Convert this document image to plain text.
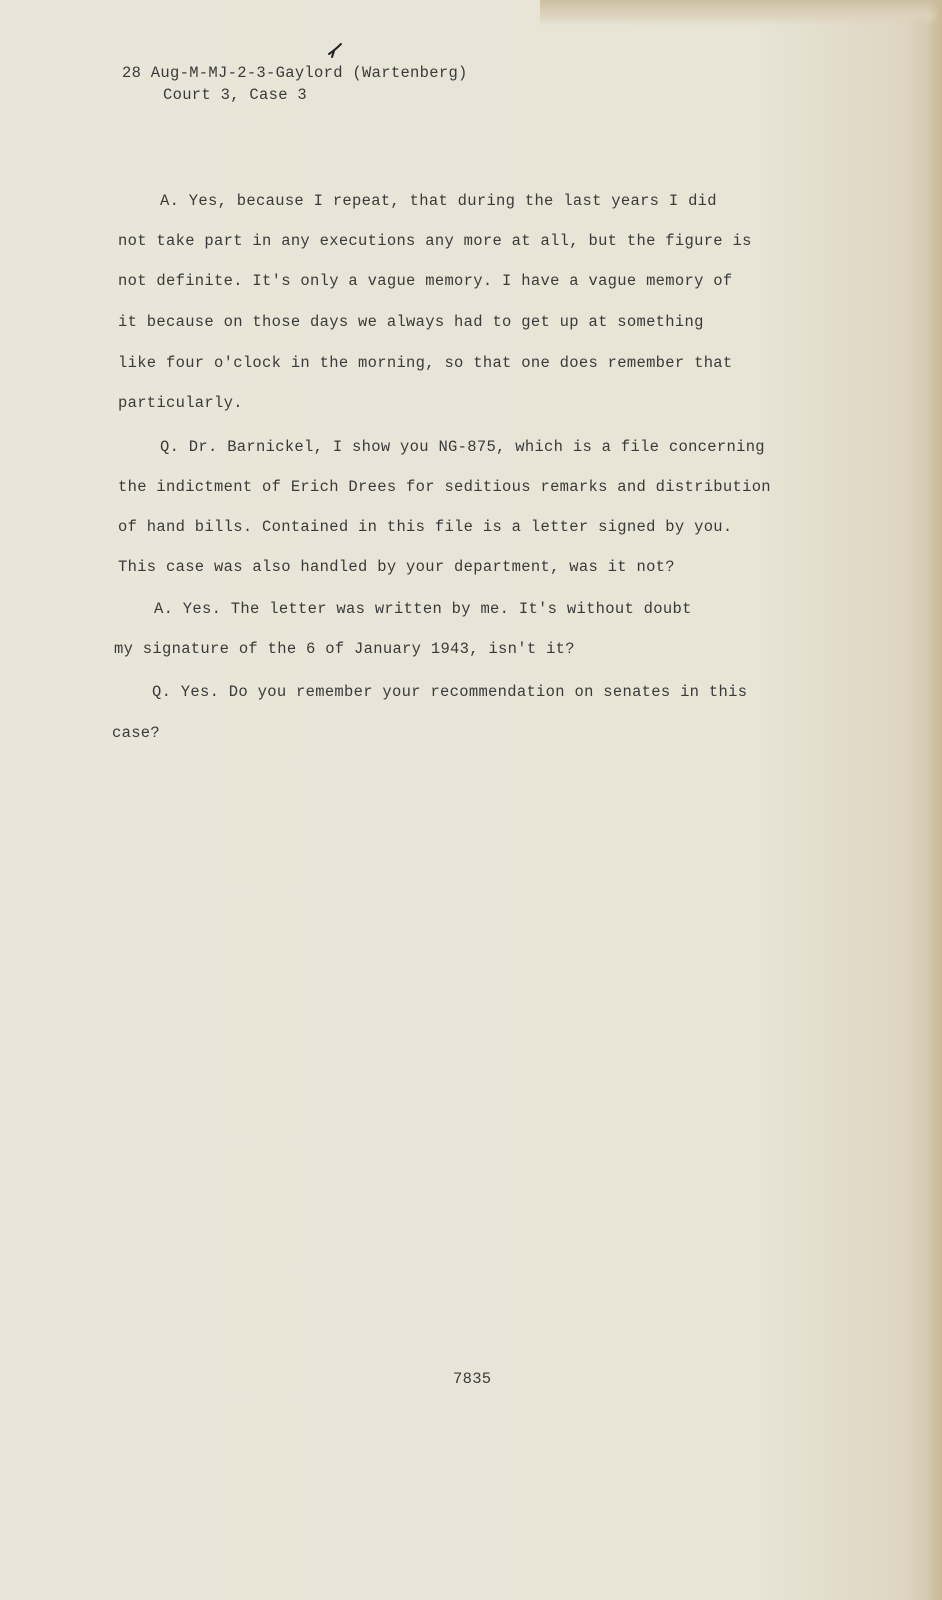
28 Aug-M-MJ-2-3-Gaylord (Wartenberg)
Court 3, Case 3
A. Yes, because I repeat, that during the last years I did
not take part in any executions any more at all, but the figure is
not definite. It's only a vague memory. I have a vague memory of
it because on those days we always had to get up at something
like four o'clock in the morning, so that one does remember that
particularly.
Q. Dr. Barnickel, I show you NG-875, which is a file concerning
the indictment of Erich Drees for seditious remarks and distribution
of hand bills. Contained in this file is a letter signed by you.
This case was also handled by your department, was it not?
A. Yes. The letter was written by me. It's without doubt
my signature of the 6 of January 1943, isn't it?
Q. Yes. Do you remember your recommendation on senates in this
case?
7835
